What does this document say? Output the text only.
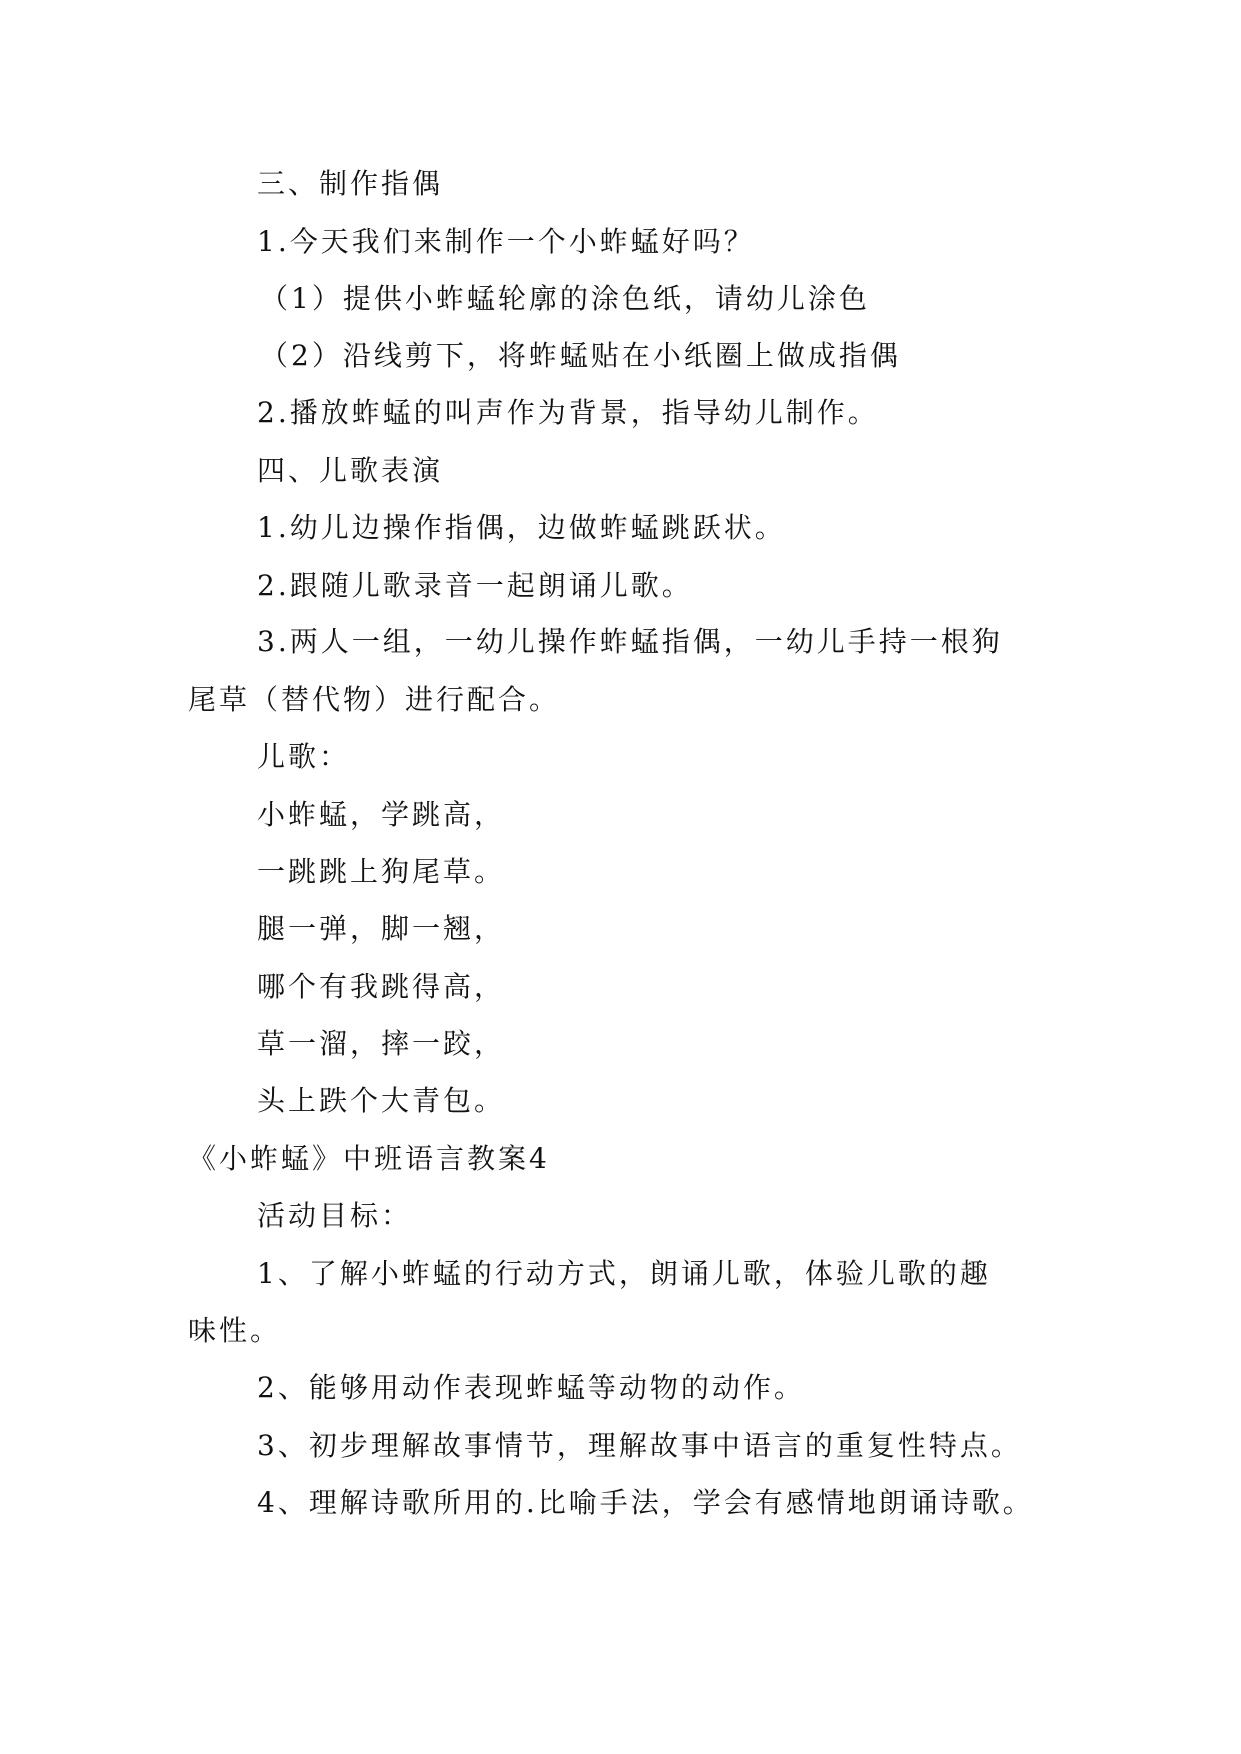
三、制作指偶
1.今天我们来制作一个小蚱蜢好吗？
（1）提供小蚱蜢轮廓的涂色纸，请幼儿涂色
（2）沿线剪下，将蚱蜢贴在小纸圈上做成指偶
2.播放蚱蜢的叫声作为背景，指导幼儿制作。
四、儿歌表演
1.幼儿边操作指偶，边做蚱蜢跳跃状。
2.跟随儿歌录音一起朗诵儿歌。
3.两人一组，一幼儿操作蚱蜢指偶，一幼儿手持一根狗
尾草（替代物）进行配合。
儿歌：
小蚱蜢，学跳高，
一跳跳上狗尾草。
腿一弹，脚一翘，
哪个有我跳得高，
草一溜，摔一跤，
头上跌个大青包。
《小蚱蜢》中班语言教案4
活动目标：
1、了解小蚱蜢的行动方式，朗诵儿歌，体验儿歌的趣
味性。
2、能够用动作表现蚱蜢等动物的动作。
3、初步理解故事情节，理解故事中语言的重复性特点。
4、理解诗歌所用的.比喻手法，学会有感情地朗诵诗歌。
